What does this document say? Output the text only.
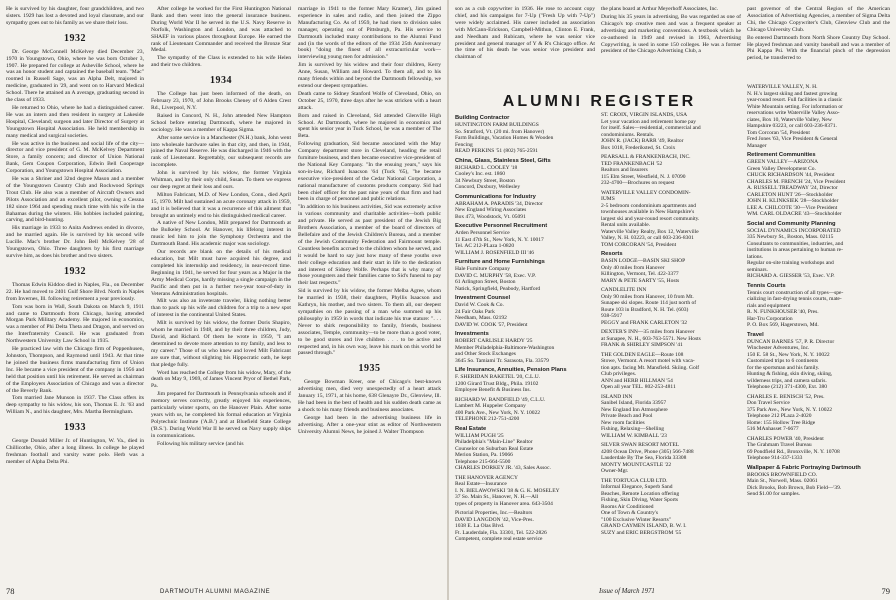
He is survived by his daughter, four grandchildren, and two sisters. 1929 has lost a devoted and loyal classmate, and our sympathy goes out to his family as we share their loss.
1932
Dr. George McConnell McKelvey died December 23, 1970 in Youngstown, Ohio, where he was born October 3, 1907. He prepared for college at Asheville School, where he was an honor student and captained the baseball team. "Mac" roomed in Russell Sage, was an Alpha Delt, majored in medicine, graduated in '29, and went on to Harvard Medical School. There he attained an A average, graduating second in the class of 1933.
He returned to Ohio, where he had a distinguished career. He was an intern and then resident in surgery at Lakeside Hospital, Cleveland; surgeon and later Director of Surgery at Youngstown Hospital Association. He held membership in many medical and surgical societies.
He was active in the business and social life of the city—director and vice president of G. M. McKelvey Department Store, a family concern; and director of Union National Bank, Gem Coupon Corporation, Edwin Bell Cooperage Corporation, and Youngstown Hospital Association.
He was a Shriner and 32nd degree Mason and a member of the Youngstown Country Club and Rockwood Springs Trout Club. He also was a member of Aircraft Owners and Pilots Association and an excellent pilot, owning a Cessna 182 since 1964 and spending much time with his wife in the Bahamas during the winters. His hobbies included painting, carving, and bird-hunting.
His marriage in 1933 to Anita Andrews ended in divorce, and he married again. He is survived by his second wife Lucille. Mac's brother Dr. John Bell McKelvey '28 of Youngstown, Ohio. Three daughters by his first marriage survive him, as does his brother and two sisters.
1932
Thomas Edwin Kiddoo died in Naples, Fla., on December 22. He had moved to 2401 Gulf Shore Blvd. North in Naples from Invernes, Ill. following retirement a year previously.
Tom was born in Wall, South Dakota on March 9, 1911 and came to Dartmouth from Chicago, having attended Morgan Park Military Academy. He majored in economics, was a member of Phi Delta Theta and Dragon, and served on the Interfraternity Council. He was graduated from Northwestern University Law School in 1935.
He practiced law with the Chicago firm of Poppenhusen, Johnston, Thompson, and Raymond until 1943. At that time he joined the business firms manufacturing firm of Union Inc. He became a vice president of the company in 1956 and held that position until his retirement. He served as chairman of the Employers Association of Chicago and was a director of the Beverly Bank.
Tom married Jane Munson in 1937. The Class offers its deep sympathy to his widow, his son, Thomas E. Jr. '63 and William N., and his daughter, Mrs. Martha Bermingham.
1933
George Donald Miller Jr. of Huntington, W. Va., died in Chillicothe, Ohio, after a long illness. In college he played freshman football and varsity water polo. Herb was a member of Alpha Delta Phi.
After college he worked for the First Huntington National Bank and then went into the general insurance business. During World War II he served in the U.S. Navy Reserve in Norfolk, Washington and London, and was attached to SHAEF in various places throughout Europe. He earned the rank of Lieutenant Commander and received the Bronze Star Medal.
The sympathy of the Class is extended to his wife Helen and their two children.
1934
The College has just been informed of the death, on February 23, 1970, of John Brooks Cheney of 6 Alden Crest Rd., Liverpool, N.Y.
Raised in Concord, N. H., John attended New Hampton School before entering Dartmouth, where he majored in sociology. He was a member of Kappa Sigma.
After some service in a Manchester (N.H.) bank, John went into wholesale hardware sales in that city, and then, in 1944, joined the Naval Reserve. He was discharged in 1946 with the rank of Lieutenant. Regrettably, our subsequent records are incomplete.
John is survived by his widow, the former Virginia Whitman, and by their only child, Susan. To them we express our deep regret at their loss and ours.
Milton Fabricant, M.D. of New London, Conn., died April 15, 1970. Milt had sustained an acute coronary attack in 1959, and it is believed that it was a recurrence of this ailment that brought an untimely end to his distinguished medical career.
A native of New London, Milt prepared for Dartmouth at the Bulkeley School. At Hanover, his lifelong interest in music led him to join the Symphony Orchestra and the Dartmouth Band. His academic major was sociology.
Our records are blank on the details of his medical education, but Milt must have acquired his degree, and completed his internship and residency, in near-record time. Beginning in 1941, he served for four years as a Major in the Army Medical Corps, hardly missing a single campaign in the Pacific and then put in a further two-year tour-of-duty in Veterans Administration hospitals.
Milt was also an inveterate traveler, liking nothing better than to pack up his wife and children for a trip to a new spot of interest in the continental United States.
Milt is survived by his widow, the former Doris Shapiro, whom he married in 1948, and by their three children, Judy, David, and Richard. Of them he wrote in 1959, "I am determined to devote more attention to my family, and less to my career." Those of us who knew and loved Milt Fabricant are sure that, without slighting his Hippocratic oath, he kept that pledge fully.
Word has reached the College from his widow, Mary, of the death on May 9, 1969, of James Vincent Pryor of Bethel Park, Pa.
Jim prepared for Dartmouth in Pennsylvania schools and if memory serves correctly, greatly enjoyed his experiences, particularly winter sports, on the Hanover Plain. After some years with us, he completed his formal education at Virginia Polytechnic Institute ('A.B.') and at Bluefield State College ('B.S.'). During World War II he served on Navy supply ships in communications.
Following his military service (and his
marriage in 1941 to the former Mary Kramer), Jim gained experience in sales and radio, and then joined the Zippo Manufacturing Co. As of 1959, he had risen to division sales manager, operating out of Pittsburgh, Pa. His service to Dartmouth included many contributions to the Alumni Fund and (in the words of the editors of the 1934 25th Anniversary book) "doing the finest of all extracurricular work—interviewing young men for admission."
Jim is survived by his widow and their four children, Kerry Anne, Susan, William and Howard. To them all, and to his many friends within and beyond the Dartmouth fellowship, we extend our deepest sympathies.
Death came to Sidney Stanford Wolfe of Cleveland, Ohio, on October 25, 1970, three days after he was stricken with a heart attack.
Born and raised in Cleveland, Sid attended Glenville High School. At Dartmouth, where he majored in economics and spent his senior year in Tuck School, he was a member of The Beta.
Following graduation, Sid became associated with the May Company department store in Cleveland, heading the retail furniture business, and then became executive vice-president of the National Key Company. "In the ensuing years," says his son-in-law, Richard Isaacson '64 (Tuck '65), "he became executive vice-president of the Cedar National Corporation, a national manufacturer of customs products company. Sid had been chief officer for the past nine years of that firm and had been in charge of personnel and public relations.
"In addition to his business activities, Sid was extremely active in various community and charitable activities—both public and private. He served as past president of the Jewish Big Brothers Association, a member of the board of directors of Bellefaire and of the Jewish Children's Bureau, and a member of the Jewish Community Federation and Fairmount temple. Countless benefits accrued to the children whom he served, and it would be hard to say just how many of these youths owe their college education and their start in life to the dedication and interest of Sidney Wolfe. Perhaps that is why many of those youngsters and their families came to Sid's funeral to pay their last respects."
Sid is survived by his widow, the former Melba Agree, whom he married in 1938, their daughters, Phyllis Isaacson and Kathryn, his mother, and two sisters. To them all, our deepest sympathies on the passing of a man who summed up his philosophy in 1959 in words that indicate his true stature: ". . . Never to shirk responsibility to family, friends, business associates, Temple, community—to be more than a good voter, to be good stores and live children . . . to be active and respected and, in his own way, leave his mark on this world he passed through."
1935
George Bowman Kreer, one of Chicago's best-known advertising men, died very unexpectedly of a heart attack January 15, 1971, at his home, 638 Glenayre Dr., Glenview, Ill. He had been in the best of health and his sudden death came as a shock to his many friends and business associates.
George had been in the advertising business life in advertising. After a one-year stint as editor of Northwestern University Alumni News, he joined J. Walter Thompson
78	DARTMOUTH ALUMNI MAGAZINE
son as a cub copywriter in 1936. He rose to account copy chief, and his campaigns for 7-Up ("Fresh Up with 7-Up") were widely acclaimed. His career included an association with McCann-Erickson, Campbell-Mithun, Clinton E. Frank, and Needham and Rubicam, where he was senior vice president and general manager of Y & R's Chicago office. At the time of his death he was senior vice president and chairman of
the plans board at Arthur Meyerhoff Associates, Inc.
During his 35 years in advertising, Bo was regarded as one of Chicago's top creative men and was a frequent speaker at advertising and marketing conventions. A textbook which he co-authored in 1949 and revised in 1963, Advertising Copywriting, is used in some 150 colleges. He was a former president of the Chicago Advertising Club, a
past governor of the Central Region of the American Association of Advertising Agencies, a member of Sigma Delta Chi, the Chicago Copywriter's Club, Glenview Club and the Chicago University Club.
Bo entered Dartmouth from North Shore Country Day School. He played freshman and varsity baseball and was a member of Phi Kappa Psi. With the financial pinch of the depression period, he transferred to
ALUMNI REGISTER
Building Contractor
HUNTINGTON FARM BUILDINGS
So. Stratford, Vt. (20 mi. from Hanover)
Farm Buildings, Vacation Homes & Wooden
Fencing
READ PERKINS '51 (802) 765-2591
China, Glass, Stainless Steel, Gifts
RICHARD L. COOLEY '18
Cooley's Inc. est. 1860
34 Newbury Street, Boston
Concord, Duxbury, Wellesley
Communications for Industry
ABRAHAM A. PARADIS '34, Director
New England Wiring Associates
Box 473, Woodstock, Vt. 05091
Executive Personnel Recruitment
Arden Personnel Service
11 East 47th St., New York, N. Y. 10017
Tel. AC 212-PLaza 1-0820
WILLIAM J. ROSENFIELD III '46
Furniture and Home Furnishings
Hale Furniture Company
DAVID C. MURPHY '58, Exec. V.P.
61 Arlington Street, Boston
Natick, Springfield, Peabody, Hartford
Investment Counsel
David W. Cook & Co.
24 Fair Oaks Park
Needham, Mass. 02192
DAVID W. COOK '57, President
Investments
ROBERT CARLISLE HARDY '25
Member Philadelphia-Baltimore-Washington
and Other Stock Exchanges
3645 So. Tamiami Tr. Sarasota, Fla. 33579
Life Insurance, Annuities, Pension Plans
F. SHERIDAN BAKETEL '20, C.L.U.
1200 Girard Trust Bldg., Phila. 19102
Employee Benefit & Business Ins.
RICHARD W. BANDFIELD '49, C.L.U.
Lambert M. Huppeler Company
400 Park Ave., New York, N. Y. 10022
TELEPHONE 212-751-4200
Real Estate
WILLIAM PUGH '25
Philadelphia's "Main-Line" Realtor
Counselor on Suburban Real Estate
Merion Station, Pa. 19066
Telephone 215-664-5500
CHARLES DORKEY JR. '43, Sales Assoc.
THE HANOVER AGENCY
Real Estate—Insurance
I. N. BIELAWOWSKI '38 & G. K. MOSELEY
37 So. Main St., Hanover, N. H.—All
types of property in Hanover area. 643-3504
Pictorial Properties, Inc.—Realtors
DAVID LANGDON '42, Vice-Pres.
1038 E. La Olas Blvd.
Ft. Lauderdale, Fla. 33301, Tel. 522-2826
Competent, complete real estate service
ST. CROIX, VIRGIN ISLANDS, USA
Let your vacation and retirement home pay
for itself. Sales—residential, commercial and
condominiums. Rentals.
JOHN R. (JACK) BARR '49, Realtor
Box 1018, Frederiksted, St. Croix
PEARSALL & FRANKENBACH, INC.
TED FRANKENBACH '52
Realtors and Insurers
115 Elm Street, Westfield, N. J. 07090
232-4700—Brochures on request
WATERVILLE VALLEY CONDOMIN-
IUMS
2-5 bedroom condominium apartments and
townhouses available in New Hampshire's
largest ski and year-round resort community.
Rental units available.
Waterville Valley Realty, Box 12, Waterville
Valley, N. H. 03223, or call 603-236-8301
TOM CORCORAN '54, President
Resorts
BASIN LODGE—BASIN SKI SHOP
Only 40 miles from Hanover
Killington, Vermont, Tel. 422-3377
MARY & PETE SARTY '55, Hosts
CANDLELITE INN
Only 90 miles from Hanover, 10 from Mt.
Sunapee ski slopes. Route 114 just north of
Route 103 in Bradford, N. H. Tel. (603)
938-5917
PEGGY and FRANK CARLETON '32
DEXTER'S INN—35 miles from Hanover
at Sunapee, N. H., 603-763-5571. New Hosts
FRANK & SHIRLEY SIMPSON '41
THE GOLDEN EAGLE—Route 108
Stowe, Vermont. A resort motel with vaca-
tion apts. facing Mt. Mansfield. Skiing. Golf
Club privileges.
ANN and HERB HILLMAN '54
Open all year TEL. 802-253-4811
ISLAND INN
Sanibel Island, Florida 33957
New England Inn Atmosphere
Private Beach and Pool
New room facilities
Fishing, Relaxing—Shelling
WILLIAM W. KIMBALL '23
SILVER SWAN RESORT MOTEL
4208 Ocean Drive, Phone (305) 566-7488
Lauderdale By The Sea, Florida 33308
MONTY MOUNTCASTLE '22
Owner-Mgr.
THE TORTUGA CLUB LTD.
Informal Elegance, Superb Sand
Beaches, Remote Location offering
Fishing, Skin Diving, Water Sports
Rooms Air Conditioned
One of Town & Country's
"100 Exclusive Winter Resorts"
GRAND CAYMEN ISLAND, B. W. I.
SUZY and ERIC BERGSTROM '55
WATERVILLE VALLEY, N. H.
N. H.'s largest skiing and fastest growing
year-round resort. Full facilities in a classic
White Mountain setting. For information or
reservations write Waterville Valley Asso-
ciates, Box 10, Waterville Valley, New
Hampshire 03223, or call 603-236-8371.
Tom Corcoran '54, President
Fred Jones '63, Vice President & General
Manager
Retirement Communities
GREEN VALLEY—ARIZONA
Green Valley Development Co.
CHUCK RICHARDSON '44, President
CHARLES M. FRENCH '24, Vice President
A. RUSSELL TREADWAY '24, Director
CARLETON HUNT '26—Stockholder
JOHN H. KLINKSIEK '28—Stockholder
LEE A. CHILCOTE '30—Vice President
WM. CARL OLDACRE '43—Stockholder
Social and Community Planning
SOCIAL DYNAMICS INCORPORATED
335 Newbury St., Boston, Mass. 02115
Consultants to communities, industries, and
institutions in areas pertaining to human re-
lations.
Regular on-site training workshops and
seminars.
RICHARD A. GIESSER '53, Exec. V.P.
Tennis Courts
Tennis court construction of all types—spe-
cializing in fast-drying tennis courts, mate-
rials and equipment
R. N. FUNKHOUSER '40, Pres.
Har-Tru Corporation
P. O. Box 569, Hagerstown, Md.
Travel
DUNCAN BARNES '57, P. R. Director
Winchester Adventures, Inc.
150 E. 58 St., New York, N. Y. 10022
Customized trips to 6 continents
for the sportsman and his family.
Hunting & fishing, skin diving, skiing,
wilderness trips, and camera safaris.
Telephone (212) 371-4300, Ext. 380
CHARLES E. BENISCH '52, Pres.
Don Travel Service
375 Park Ave., New York, N. Y. 10022
Telephone 212 PLaza 2-4020
Home: 155 Hollow Tree Ridge
516 MAnhasset 7-6677
CHARLES POWER '40, President
The Grahmam Travel Bureau
69 Pondfield Rd., Bronxville, N. Y. 10708
Telephone 914-337-1333
Wallpaper & Fabric Portraying Dartmouth
BROOKS BROWNFIELD CO.
Main St., Norwell, Mass. 02061
Dick Brooks, Bob Brown, Bob Field—'39.
Send $1.00 for samples.
Issue of March 1971	79
